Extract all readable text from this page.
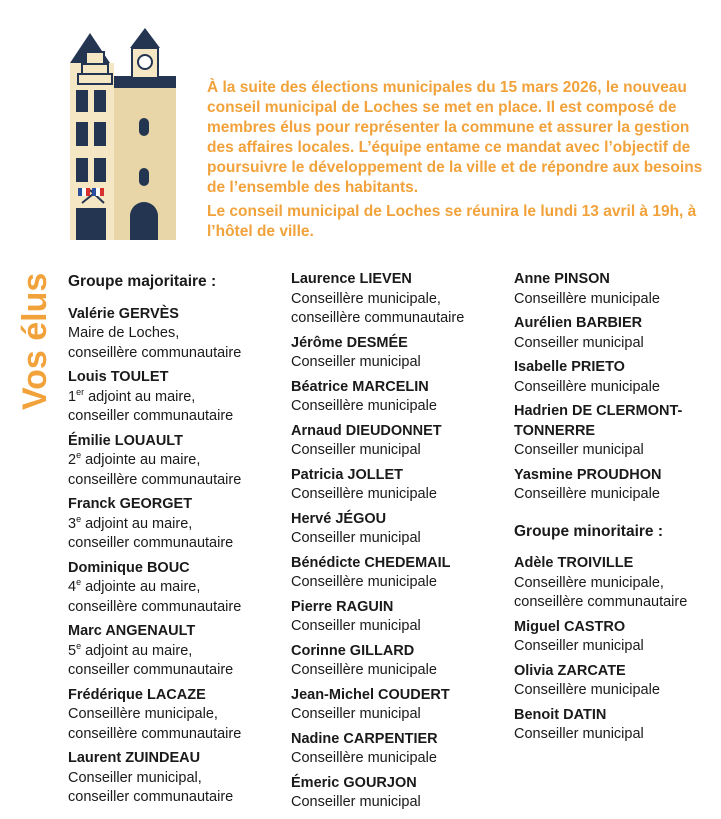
À la suite des élections municipales du 15 mars 2026, le nouveau conseil municipal de Loches se met en place. Il est composé de membres élus pour représenter la commune et assurer la gestion des affaires locales. L’équipe entame ce mandat avec l’objectif de poursuivre le développement de la ville et de répondre aux besoins de l’ensemble des habitants.

Le conseil municipal de Loches se réunira le lundi 13 avril à 19h, à l’hôtel de ville.

Vos élus Groupe majoritaire :
Valérie GERVÈS
Maire de Loches,
conseillère communautaire
Louis TOULET
1er adjoint au maire,
conseiller communautaire
Émilie LOUAULT
2e adjointe au maire,
conseillère communautaire
Franck GEORGET
3e adjoint au maire,
conseiller communautaire
Dominique BOUC
4e adjointe au maire,
conseillère communautaire
Marc ANGENAULT
5e adjoint au maire,
conseiller communautaire
Frédérique LACAZE
Conseillère municipale,
conseillère communautaire
Laurent ZUINDEAU
Conseiller municipal,
conseiller communautaire
Laurence LIEVEN
Conseillère municipale,
conseillère communautaire
Jérôme DESMÉE
Conseiller municipal
Béatrice MARCELIN
Conseillère municipale
Arnaud DIEUDONNET
Conseiller municipal
Patricia JOLLET
Conseillère municipale
Hervé JÉGOU
Conseiller municipal
Bénédicte CHEDEMAIL
Conseillère municipale
Pierre RAGUIN
Conseiller municipal
Corinne GILLARD
Conseillère municipale
Jean-Michel COUDERT
Conseiller municipal
Nadine CARPENTIER
Conseillère municipale
Émeric GOURJON
Conseiller municipal
Anne PINSON
Conseillère municipale
Aurélien BARBIER
Conseiller municipal
Isabelle PRIETO
Conseillère municipale
Hadrien DE CLERMONT-TONNERRE
Conseiller municipal
Yasmine PROUDHON
Conseillère municipale
Groupe minoritaire :
Adèle TROIVILLE
Conseillère municipale,
conseillère communautaire
Miguel CASTRO
Conseiller municipal
Olivia ZARCATE
Conseillère municipale
Benoit DATIN
Conseiller municipal
